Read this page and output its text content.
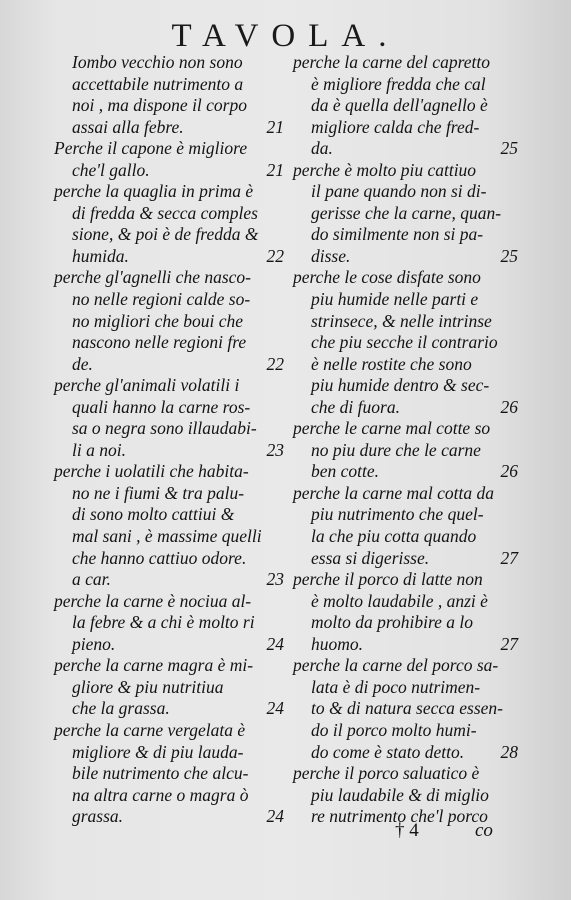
TAVOLA.
Iombo vecchio non sono
accettabile nutrimento a
noi , ma dispone il corpo
assai alla febre.	21
Perche il capone è migliore
che'l gallo.	21
perche la quaglia in prima è
di fredda & secca comples
sione, & poi è de fredda &
humida.	22
perche gl'agnelli che nasco-
no nelle regioni calde so-
no migliori che boui che
nascono nelle regioni fre
de.	22
perche gl'animali volatili i
quali hanno la carne ros-
sa o negra sono illaudabi-
li a noi.	23
perche i uolatili che habita-
no ne i fiumi & tra palu-
di sono molto cattiui &
mal sani , è massime quelli
che hanno cattiuo odore.
a car.	23
perche la carne è nociua al-
la febre & a chi è molto ri
pieno.	24
perche la carne magra è mi-
gliore & piu nutritiua
che la grassa.	24
perche la carne vergelata è
migliore & di piu lauda-
bile nutrimento che alcu-
na altra carne o magra ò
grassa.	24
perche la carne del capretto
è migliore fredda che cal
da è quella dell'agnello è
migliore calda che fred-
da.	25
perche è molto piu cattiuo
il pane quando non si di-
gerisse che la carne, quan-
do similmente non si pa-
disse.	25
perche le cose disfate sono
piu humide nelle parti e
strinsece, & nelle intrinse
che piu secche il contrario
è nelle rostite che sono
piu humide dentro & sec-
che di fuora.	26
perche le carne mal cotte so
no piu dure che le carne
ben cotte.	26
perche la carne mal cotta da
piu nutrimento che quel-
la che piu cotta quando
essa si digerisse.	27
perche il porco di latte non
è molto laudabile , anzi è
molto da prohibire a lo
huomo.	27
perche la carne del porco sa-
lata è di poco nutrimen-
to & di natura secca essen-
do il porco molto humi-
do come è stato detto. 28
perche il porco saluatico è
piu laudabile & di miglio
re nutrimento che'l porco
† 4	co
